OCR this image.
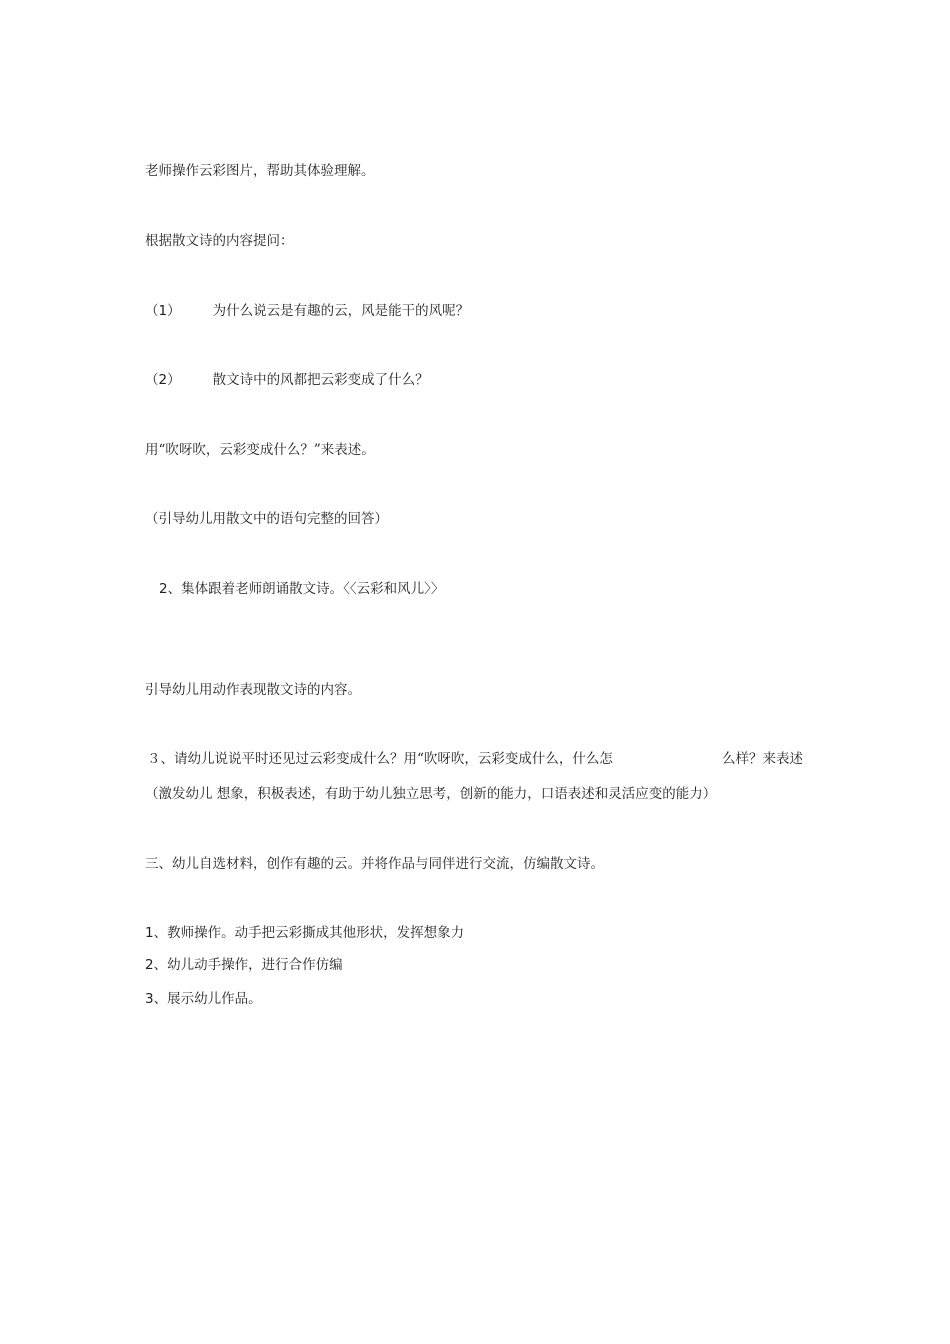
老师操作云彩图片，帮助其体验理解。
根据散文诗的内容提问：
（1） 为什么说云是有趣的云，风是能干的风呢？
（2） 散文诗中的风都把云彩变成了什么？
用“吹呀吹，云彩变成什么？”来表述。
（引导幼儿用散文中的语句完整的回答）
2、集体跟着老师朗诵散文诗。〈〈云彩和风儿〉〉
引导幼儿用动作表现散文诗的内容。
３、请幼儿说说平时还见过云彩变成什么？用“吹呀吹，云彩变成什么，什么怎	么样？来表述
（激发幼儿 想象，积极表述，有助于幼儿独立思考，创新的能力，口语表述和灵活应变的能力）
三、幼儿自选材料，创作有趣的云。并将作品与同伴进行交流，仿编散文诗。
1、教师操作。动手把云彩撕成其他形状，发挥想象力
2、幼儿动手操作，进行合作仿编
3、展示幼儿作品。
